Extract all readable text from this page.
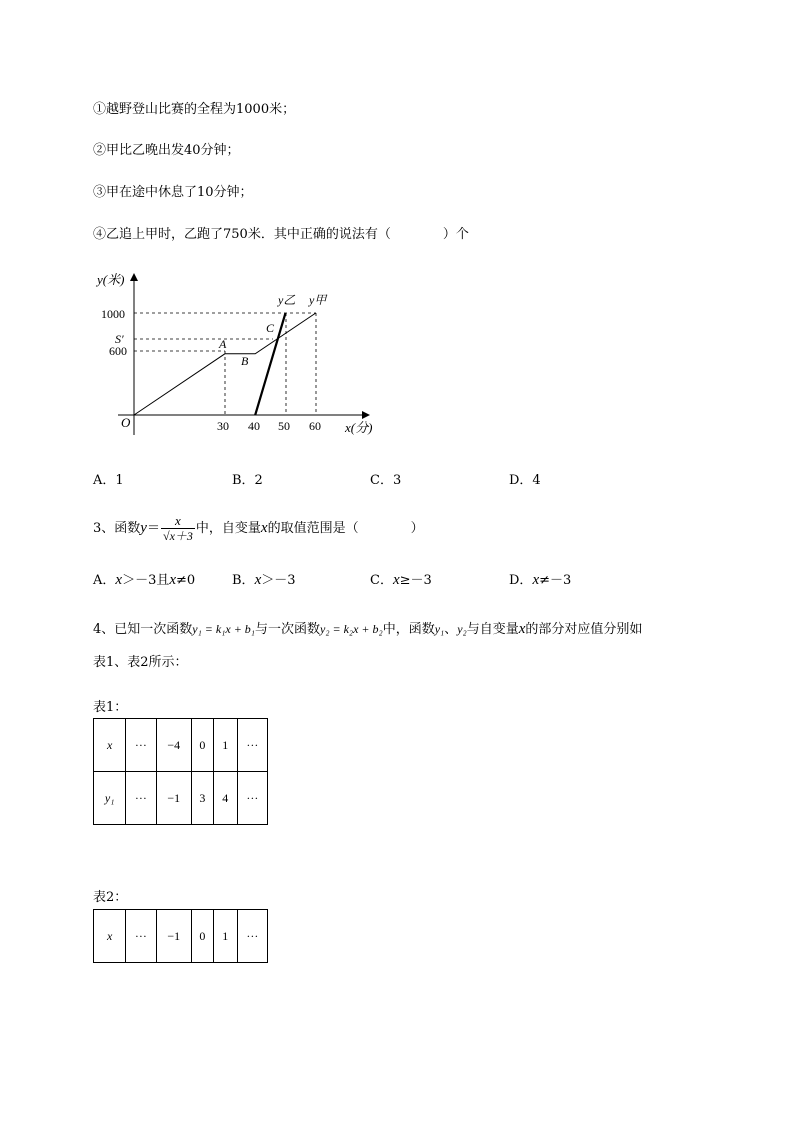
①越野登山比赛的全程为1000米；
②甲比乙晚出发40分钟；
③甲在途中休息了10分钟；
④乙追上甲时，乙跑了750米．其中正确的说法有（　　　　）个
y(米)
O
1000
S′
600
30 40 50 60 x(分)
A
B
C
y乙 y甲
A．1	B．2	C．3	D．4
3、函数$y= \frac{x}{√x+3}$ 中，自变量x的取值范围是（　　　　）
A．x＞－3且x≠0	B．x＞－3	C．x≥－3	D．x≠－3
4、已知一次函数y₁ = k₁x + b₁与一次函数y₂ = k₂x + b₂中，函数y₁、y₂与自变量x的部分对应值分别如
表1、表2所示：
表1：
x	···	−4	0	1	···
y₁	···	−1	3	4	···
表2：
x	···	−1	0	1	···
